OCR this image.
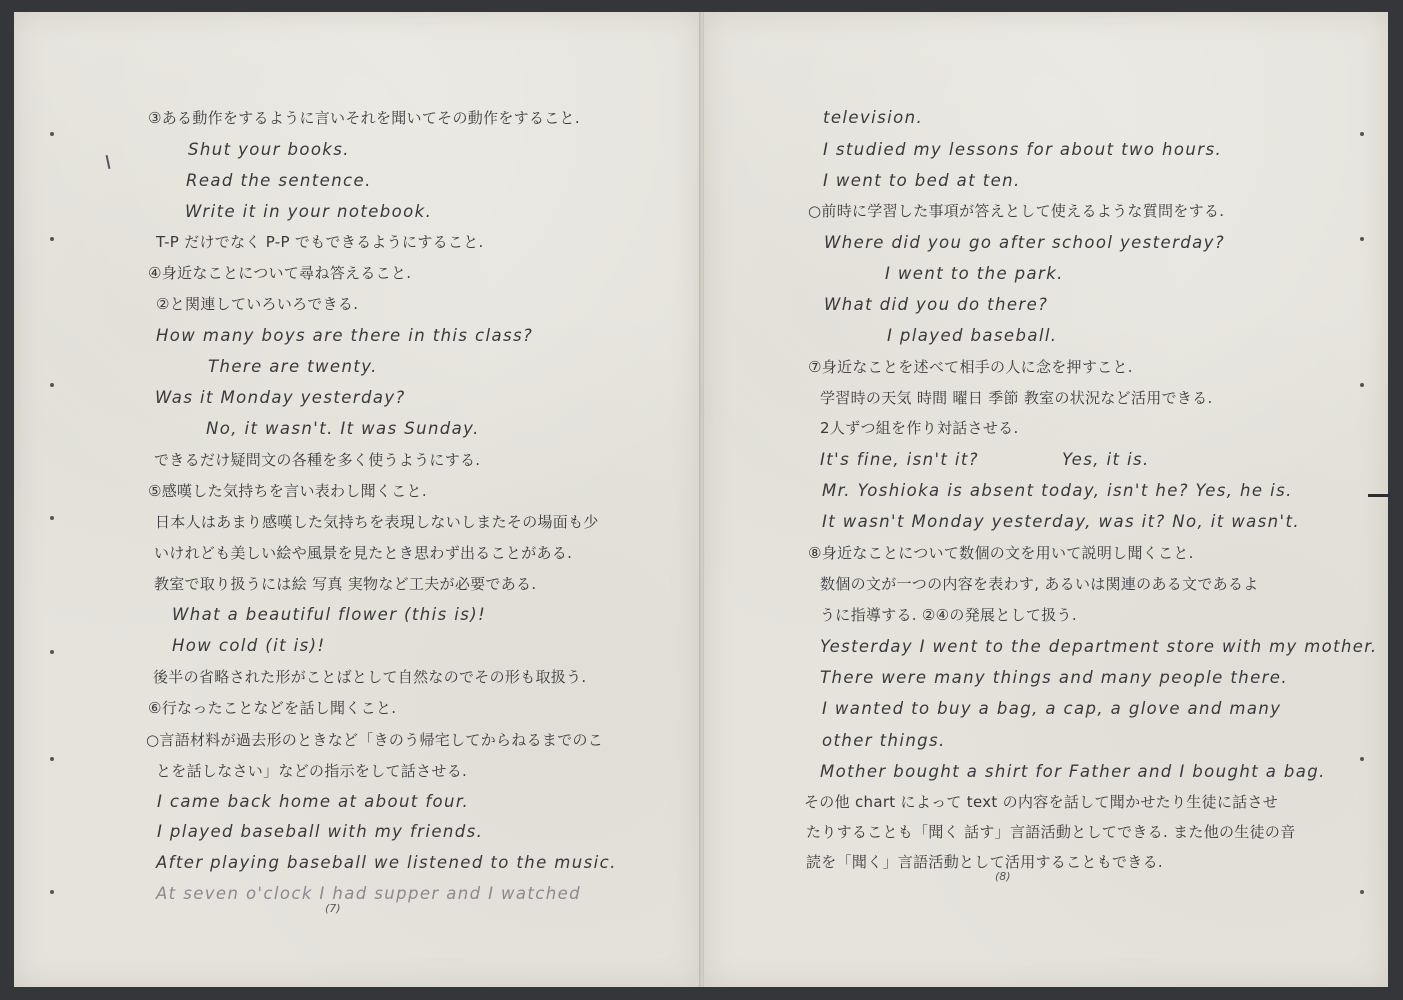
③ある動作をするように言いそれを聞いてその動作をすること.
Shut your books.
Read the sentence.
Write it in your notebook.
T-P だけでなく P-P でもできるようにすること.
④身近なことについて尋ね答えること.
②と関連していろいろできる.
How many boys are there in this class?
There are twenty.
Was it Monday yesterday?
No, it wasn't. It was Sunday.
できるだけ疑問文の各種を多く使うようにする.
⑤感嘆した気持ちを言い表わし聞くこと.
日本人はあまり感嘆した気持ちを表現しないしまたその場面も少
いけれども美しい絵や風景を見たとき思わず出ることがある.
教室で取り扱うには絵 写真 実物など工夫が必要である.
What a beautiful flower (this is)!
How cold (it is)!
後半の省略された形がことばとして自然なのでその形も取扱う.
⑥行なったことなどを話し聞くこと.
○言語材料が過去形のときなど「きのう帰宅してからねるまでのこ
とを話しなさい」などの指示をして話させる.
I came back home at about four.
I played baseball with my friends.
After playing baseball we listened to the music.
At seven o'clock I had supper and I watched
(7)
television.
I studied my lessons for about two hours.
I went to bed at ten.
○前時に学習した事項が答えとして使えるような質問をする.
Where did you go after school yesterday?
I went to the park.
What did you do there?
I played baseball.
⑦身近なことを述べて相手の人に念を押すこと.
学習時の天気 時間 曜日 季節 教室の状況など活用できる.
2人ずつ組を作り対話させる.
It's fine, isn't it?	Yes, it is.
Mr. Yoshioka is absent today, isn't he? Yes, he is.
It wasn't Monday yesterday, was it? No, it wasn't.
⑧身近なことについて数個の文を用いて説明し聞くこと.
数個の文が一つの内容を表わす, あるいは関連のある文であるよ
うに指導する. ②④の発展として扱う.
Yesterday I went to the department store with my mother.
There were many things and many people there.
I wanted to buy a bag, a cap, a glove and many
other things.
Mother bought a shirt for Father and I bought a bag.
その他 chart によって text の内容を話して聞かせたり生徒に話させ
たりすることも「聞く 話す」言語活動としてできる. また他の生徒の音
読を「聞く」言語活動として活用することもできる.
(8)
